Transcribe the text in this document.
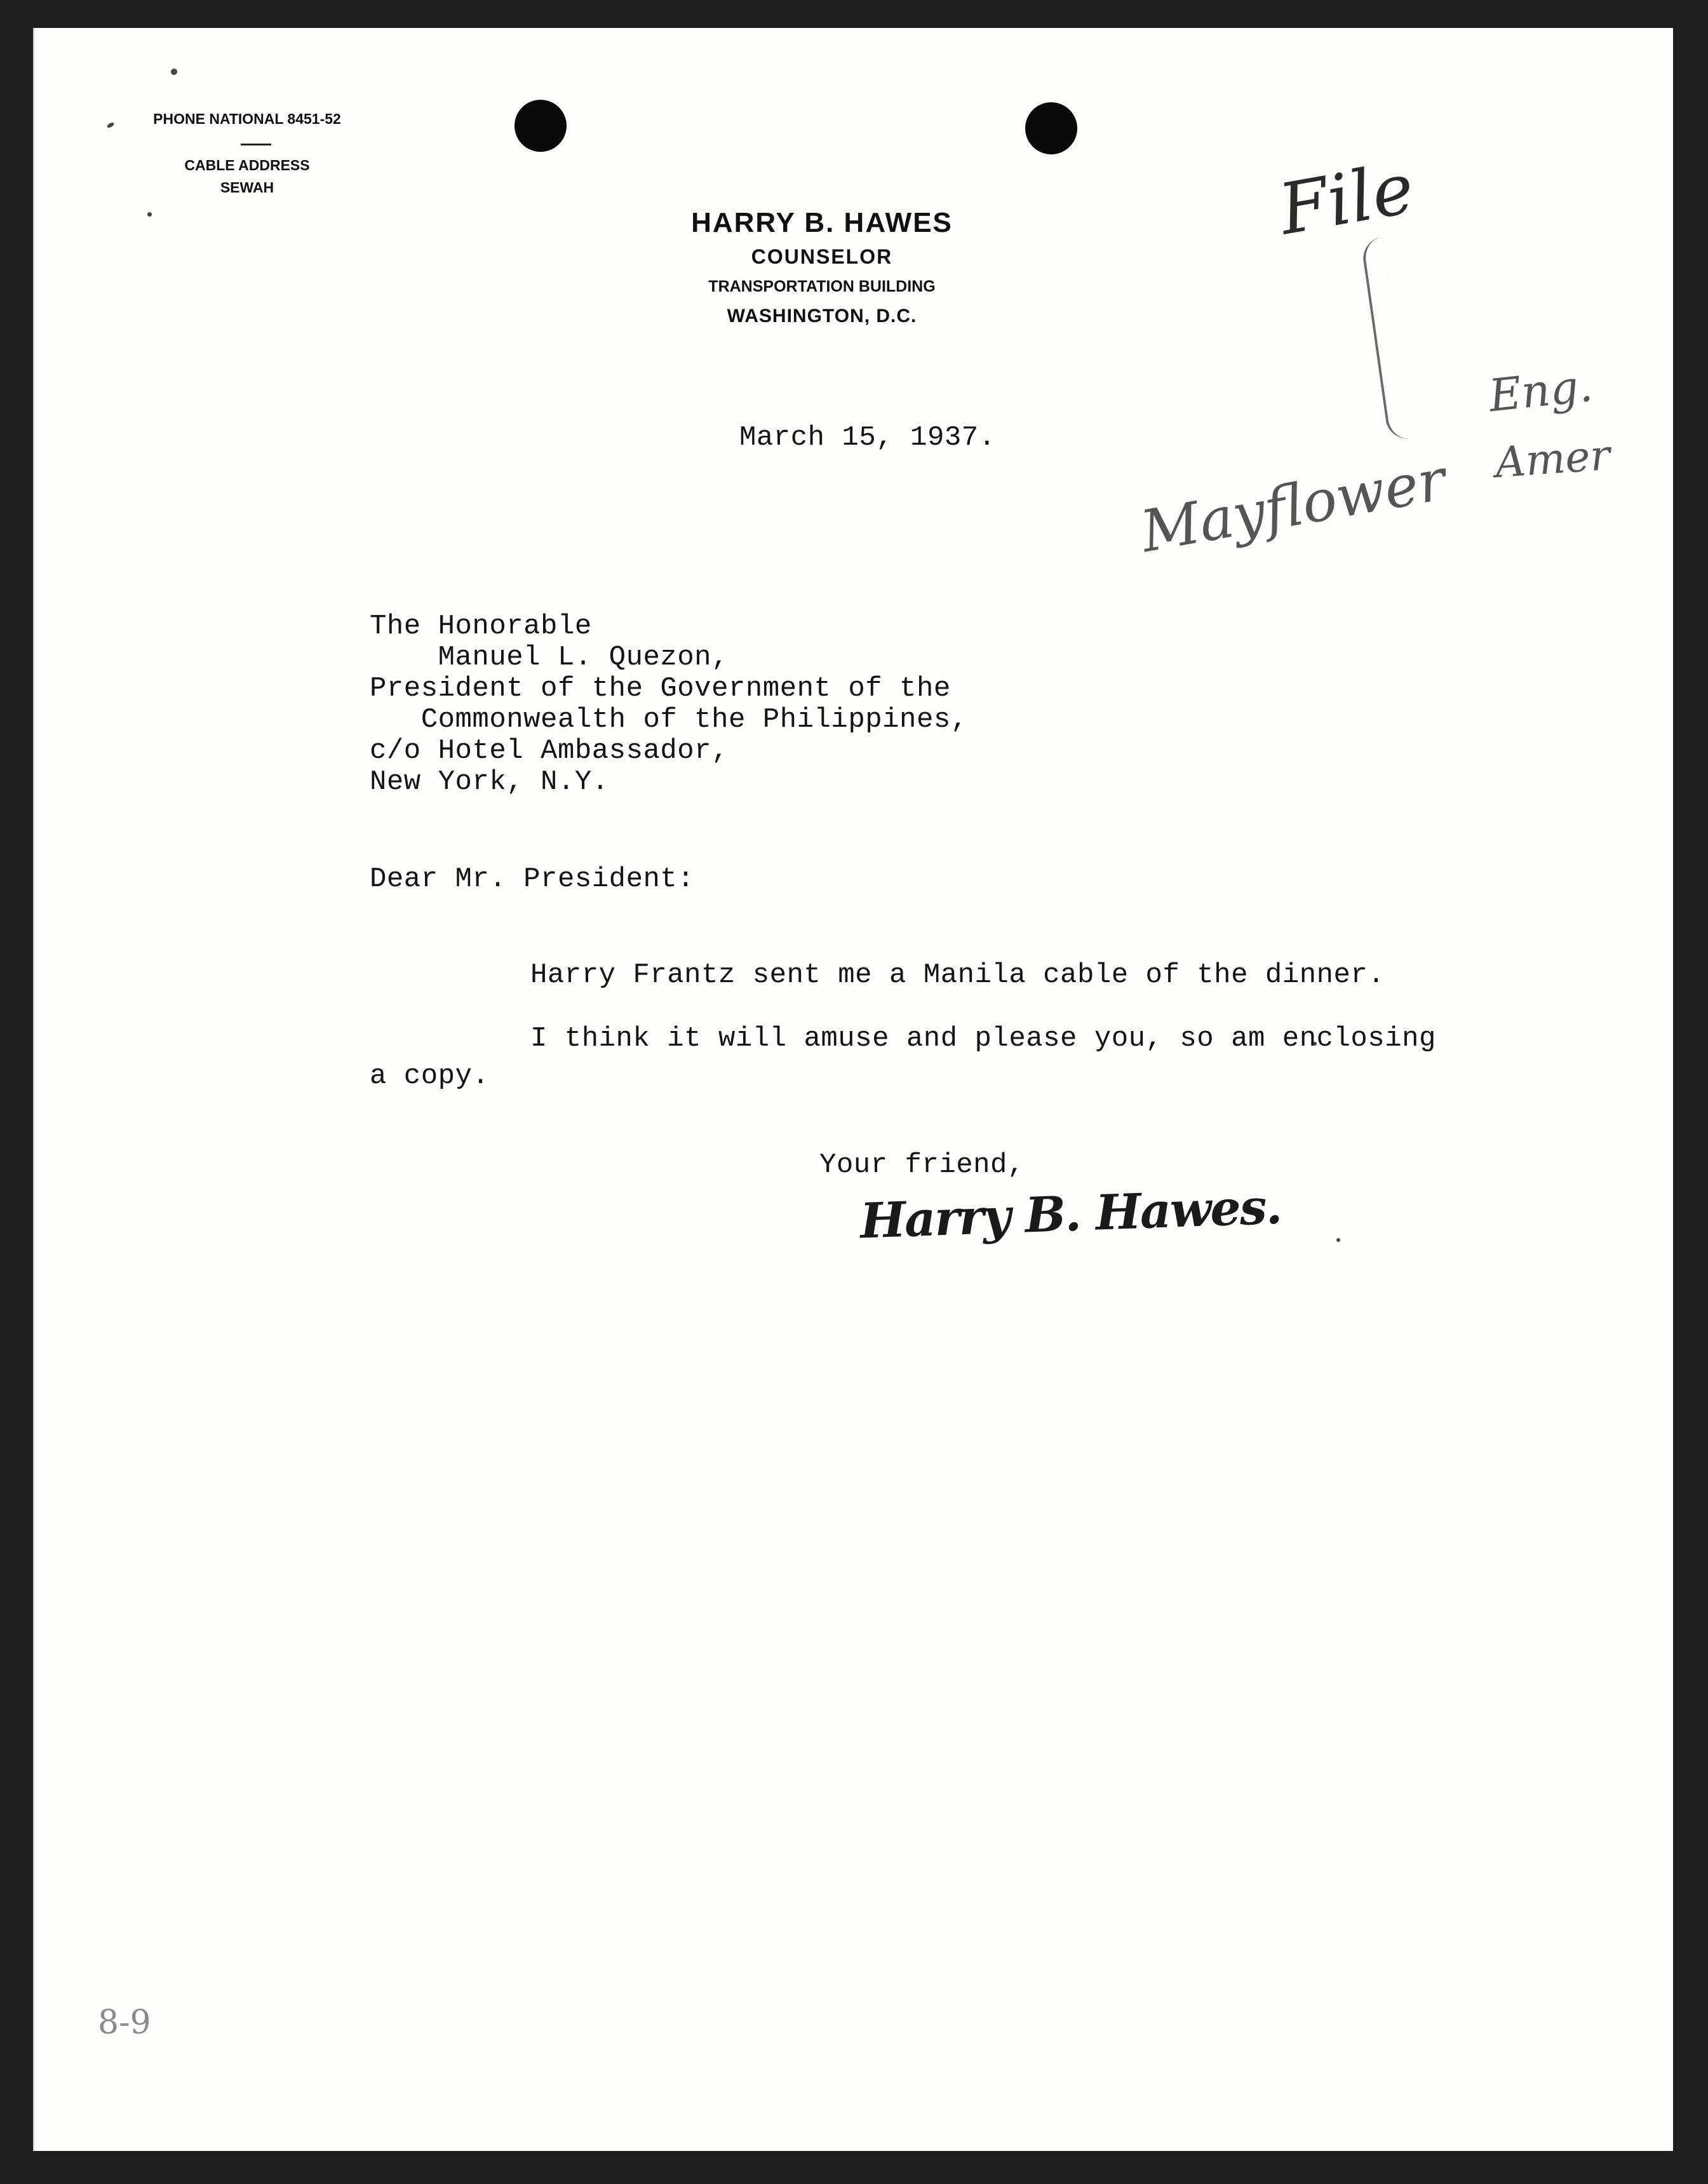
PHONE NATIONAL 8451-52
CABLE ADDRESS
SEWAH
HARRY B. HAWES
COUNSELOR
TRANSPORTATION BUILDING
WASHINGTON, D.C.
March 15, 1937.
The Honorable
Manuel L. Quezon,
President of the Government of the
Commonwealth of the Philippines,
c/o Hotel Ambassador,
New York, N.Y.
Dear Mr. President:
Harry Frantz sent me a Manila cable of the dinner.
I think it will amuse and please you, so am enclosing
a copy.
Your friend,
Harry B. Hawes.
File
Eng.
Amer
Mayflower
8-9
